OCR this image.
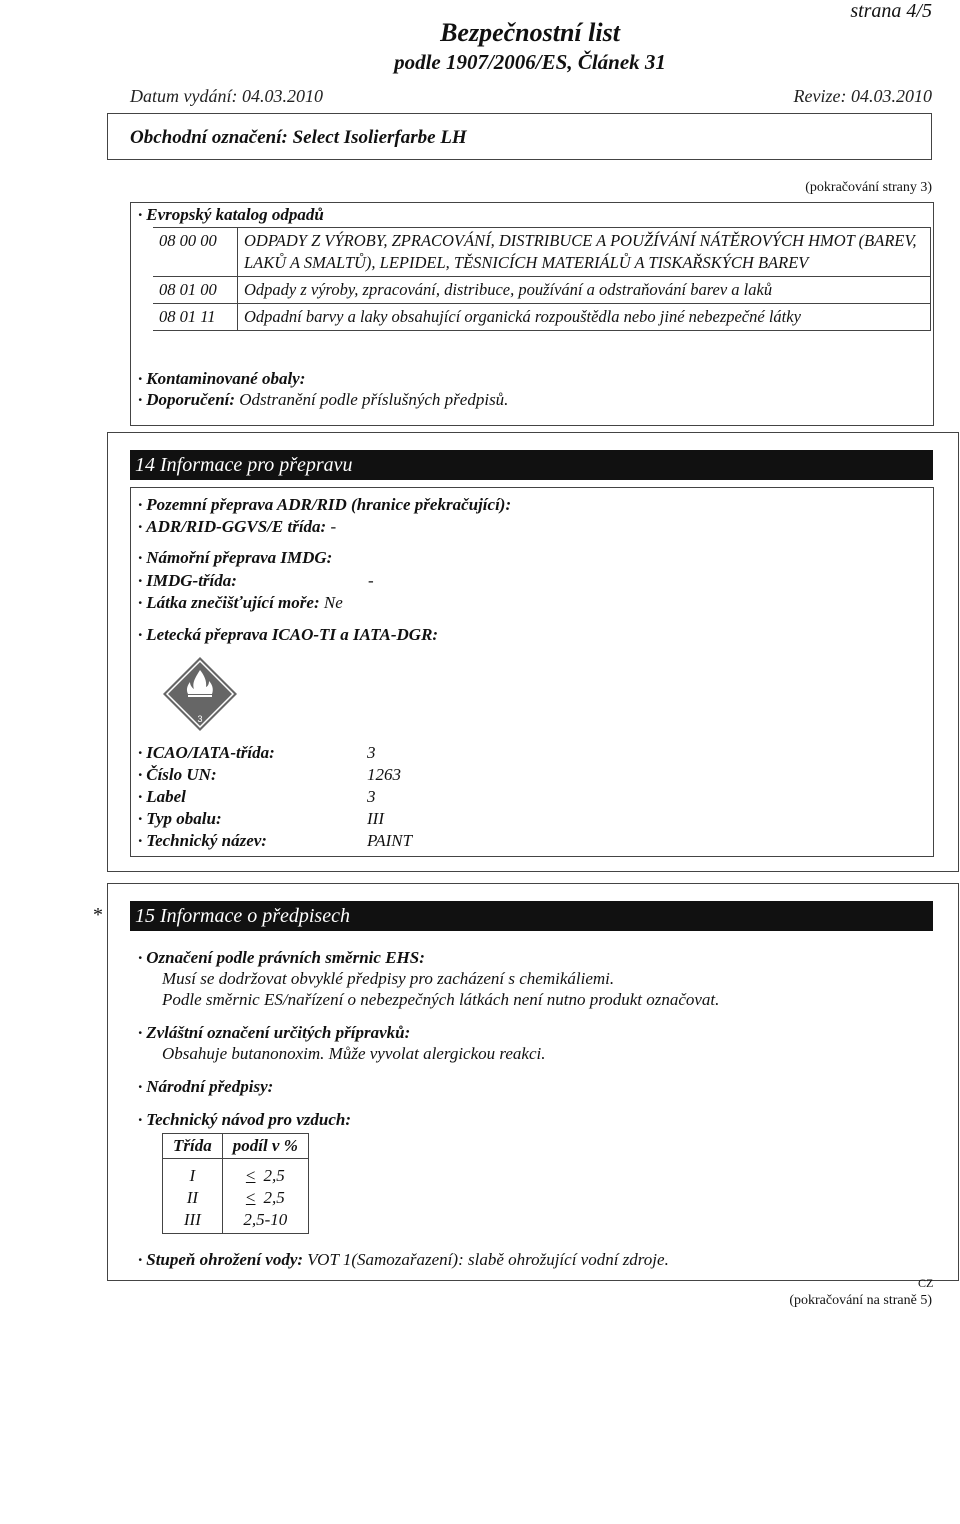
strana 4/5
Bezpečnostní list
podle 1907/2006/ES, Článek 31
Datum vydání: 04.03.2010	Revize: 04.03.2010
Obchodní označení: Select Isolierfarbe LH
(pokračování strany 3)
· Evropský katalog odpadů
08 00 00	ODPADY Z VÝROBY, ZPRACOVÁNÍ, DISTRIBUCE A POUŽÍVÁNÍ NÁTĚROVÝCH HMOT (BAREV, LAKŮ A SMALTŮ), LEPIDEL, TĚSNICÍCH MATERIÁLŮ A TISKAŘSKÝCH BAREV
08 01 00	Odpady z výroby, zpracování, distribuce, používání a odstraňování barev a laků
08 01 11	Odpadní barvy a laky obsahující organická rozpouštědla nebo jiné nebezpečné látky
· Kontaminované obaly:
· Doporučení: Odstranění podle příslušných předpisů.
14 Informace pro přepravu
· Pozemní přeprava ADR/RID (hranice překračující):
· ADR/RID-GGVS/E třída: -
· Námořní přeprava IMDG:
· IMDG-třída:	-
· Látka znečišťující moře: Ne
· Letecká přeprava ICAO-TI a IATA-DGR:
3
· ICAO/IATA-třída:	3
· Číslo UN:	1263
· Label	3
· Typ obalu:	III
· Technický název:	PAINT
* 15 Informace o předpisech
· Označení podle právních směrnic EHS:
Musí se dodržovat obvyklé předpisy pro zacházení s chemikáliemi.
Podle směrnic ES/nařízení o nebezpečných látkách není nutno produkt označovat.
· Zvláštní označení určitých přípravků:
Obsahuje butanonoxim. Může vyvolat alergickou reakci.
· Národní předpisy:
· Technický návod pro vzduch:
Třída	podíl v %
I	≤ 2,5
II	≤ 2,5
III	2,5-10
· Stupeň ohrožení vody: VOT 1(Samozařazení): slabě ohrožující vodní zdroje.
CZ
(pokračování na straně 5)
